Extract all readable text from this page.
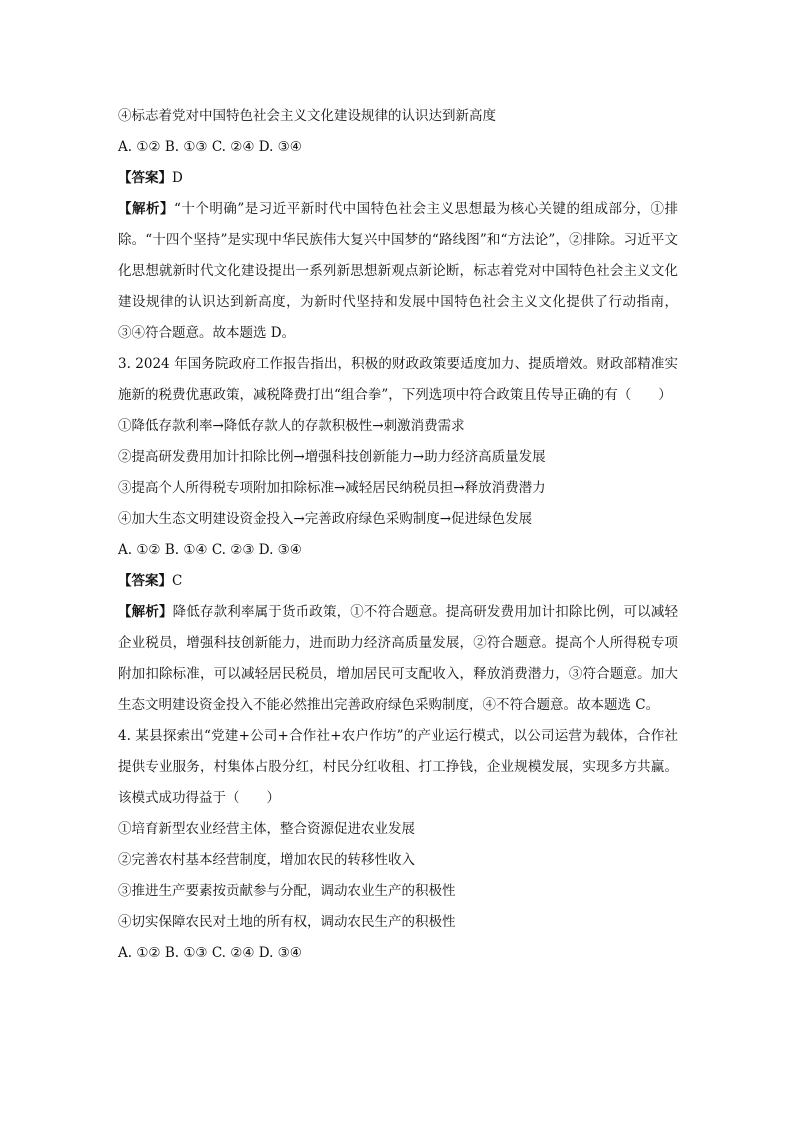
④标志着党对中国特色社会主义文化建设规律的认识达到新高度
A. ①② B. ①③ C. ②④ D. ③④
【答案】D
【解析】“十个明确”是习近平新时代中国特色社会主义思想最为核心关键的组成部分，①排除。“十四个坚持”是实现中华民族伟大复兴中国梦的“路线图”和“方法论”，②排除。习近平文化思想就新时代文化建设提出一系列新思想新观点新论断，标志着党对中国特色社会主义文化建设规律的认识达到新高度，为新时代坚持和发展中国特色社会主义文化提供了行动指南，③④符合题意。故本题选 D。
3. 2024 年国务院政府工作报告指出，积极的财政政策要适度加力、提质增效。财政部精准实施新的税费优惠政策，减税降费打出“组合拳”，下列选项中符合政策且传导正确的有（　　）
①降低存款利率→降低存款人的存款积极性→刺激消费需求
②提高研发费用加计扣除比例→增强科技创新能力→助力经济高质量发展
③提高个人所得税专项附加扣除标准→减轻居民纳税员担→释放消费潜力
④加大生态文明建设资金投入→完善政府绿色采购制度→促进绿色发展
A. ①② B. ①④ C. ②③ D. ③④
【答案】C
【解析】降低存款利率属于货币政策，①不符合题意。提高研发费用加计扣除比例，可以减轻企业税员，增强科技创新能力，进而助力经济高质量发展，②符合题意。提高个人所得税专项附加扣除标准，可以减轻居民税员，增加居民可支配收入，释放消费潜力，③符合题意。加大生态文明建设资金投入不能必然推出完善政府绿色采购制度，④不符合题意。故本题选 C。
4. 某县探索出“党建+公司+合作社+农户作坊”的产业运行模式，以公司运营为载体，合作社提供专业服务，村集体占股分红，村民分红收租、打工挣钱，企业规模发展，实现多方共赢。该模式成功得益于（　　）
①培育新型农业经营主体，整合资源促进农业发展
②完善农村基本经营制度，增加农民的转移性收入
③推进生产要素按贡献参与分配，调动农业生产的积极性
④切实保障农民对土地的所有权，调动农民生产的积极性
A. ①② B. ①③ C. ②④ D. ③④
